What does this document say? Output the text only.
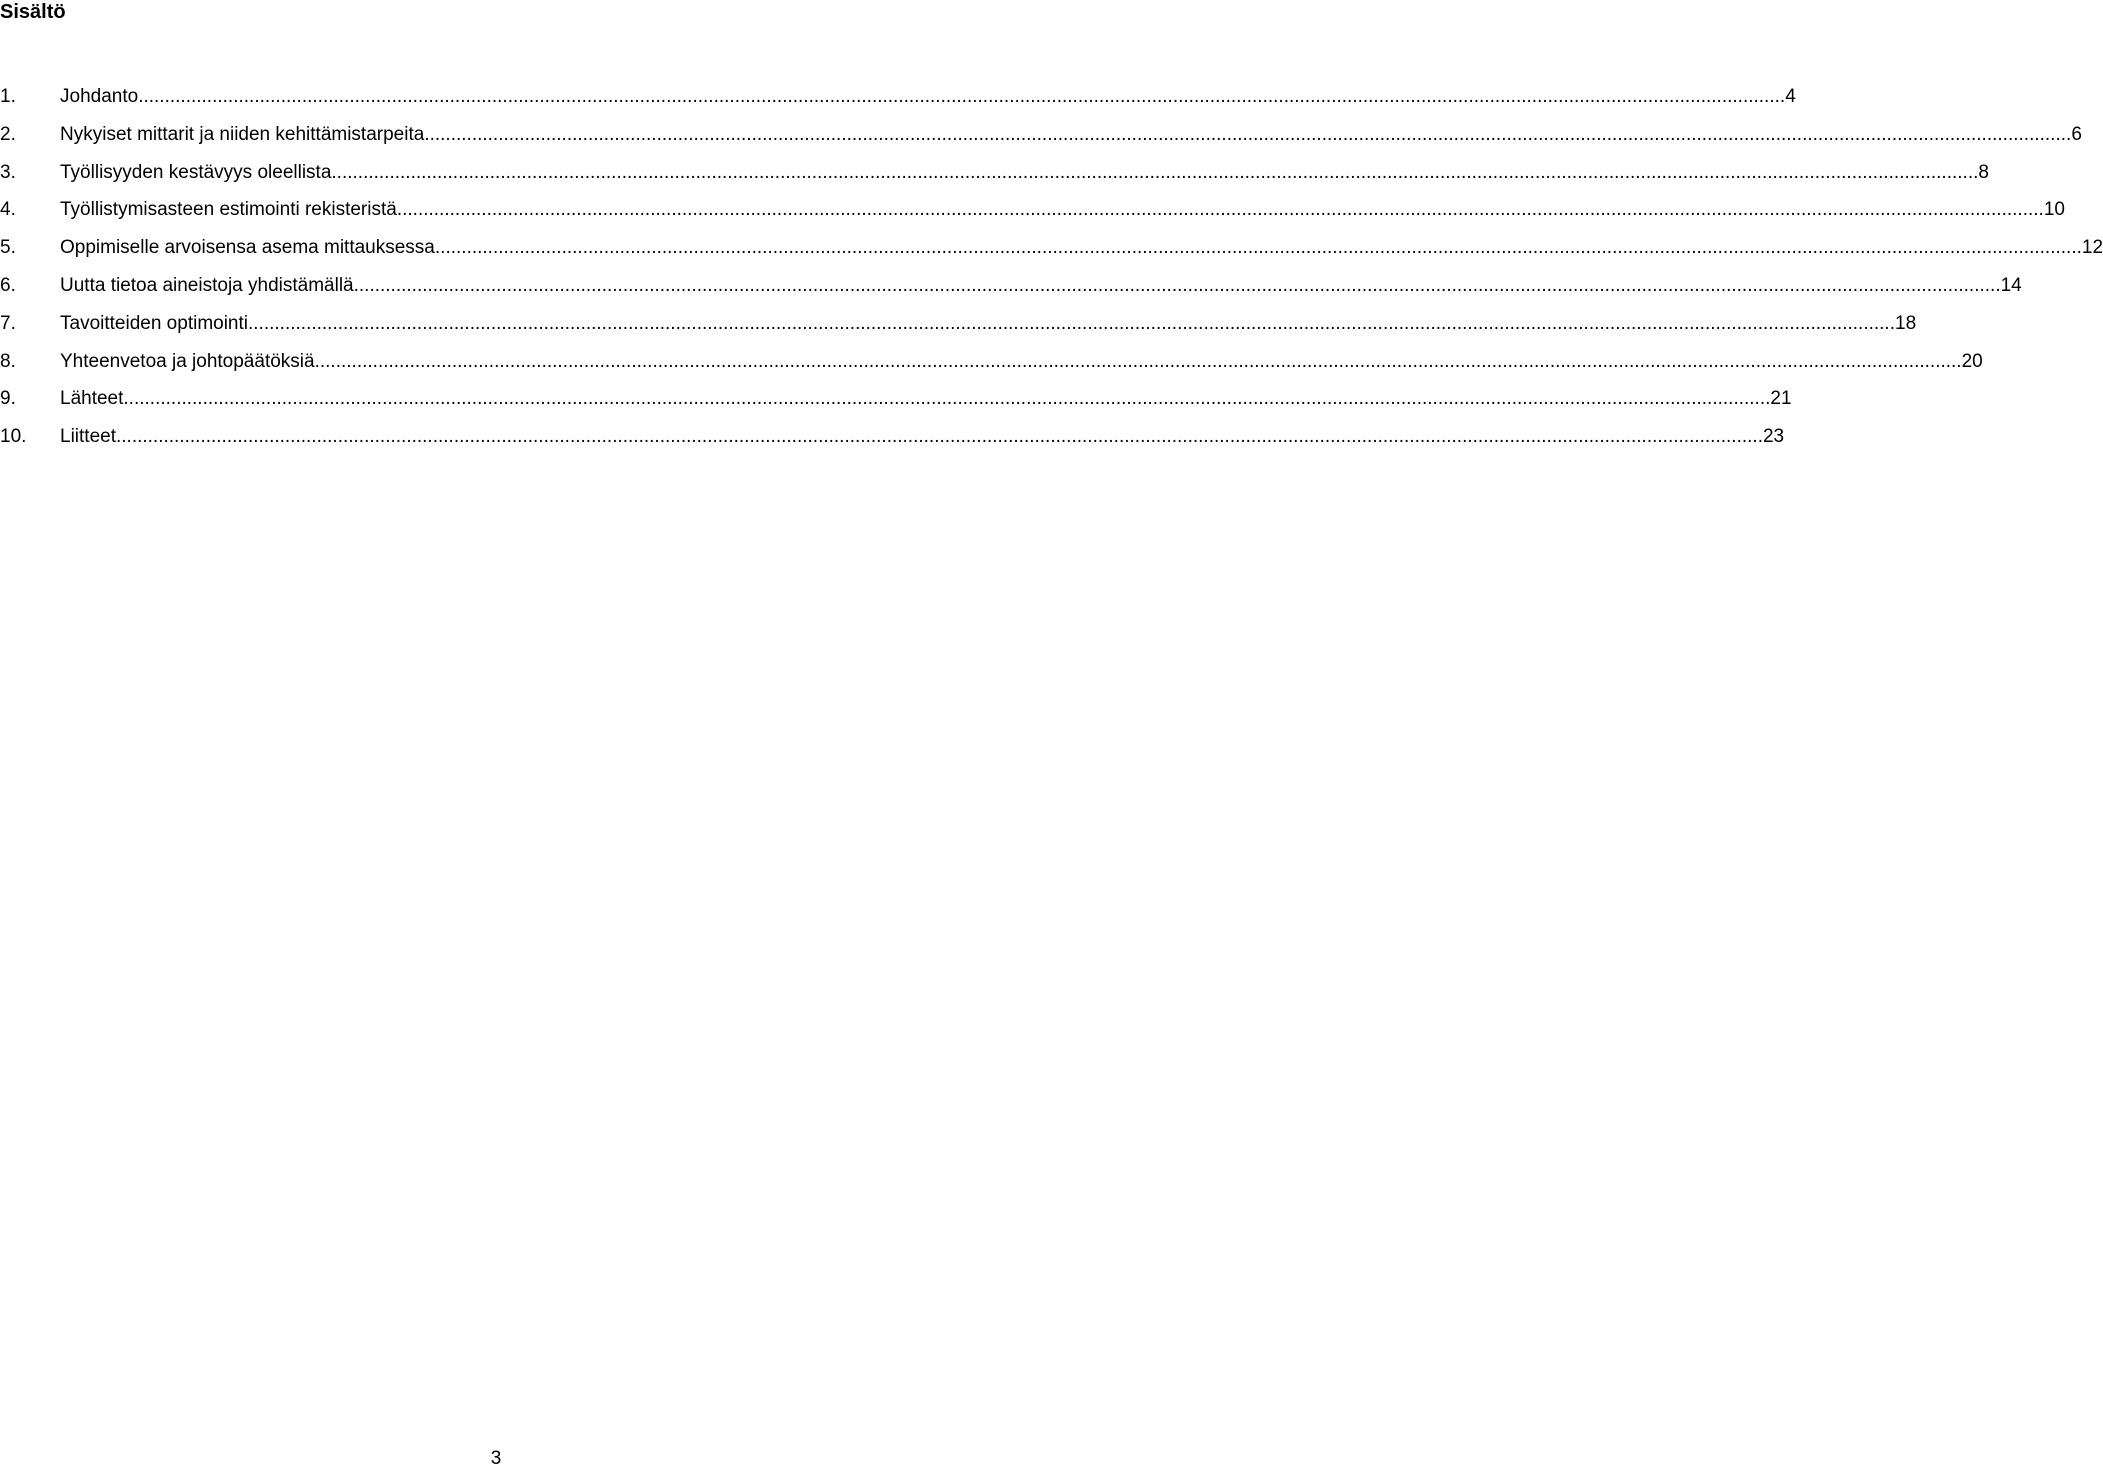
Sisältö
1.	Johdanto .....	4
2.	Nykyiset mittarit ja niiden kehittämistarpeita .....	6
3.	Työllisyyden kestävyys oleellista .....	8
4.	Työllistymisasteen estimointi rekisteristä .....	10
5.	Oppimiselle arvoisensa asema mittauksessa .....	12
6.	Uutta tietoa aineistoja yhdistämällä .....	14
7.	Tavoitteiden optimointi .....	18
8.	Yhteenvetoa ja johtopäätöksiä .....	20
9.	Lähteet .....	21
10.	Liitteet .....	23
3
